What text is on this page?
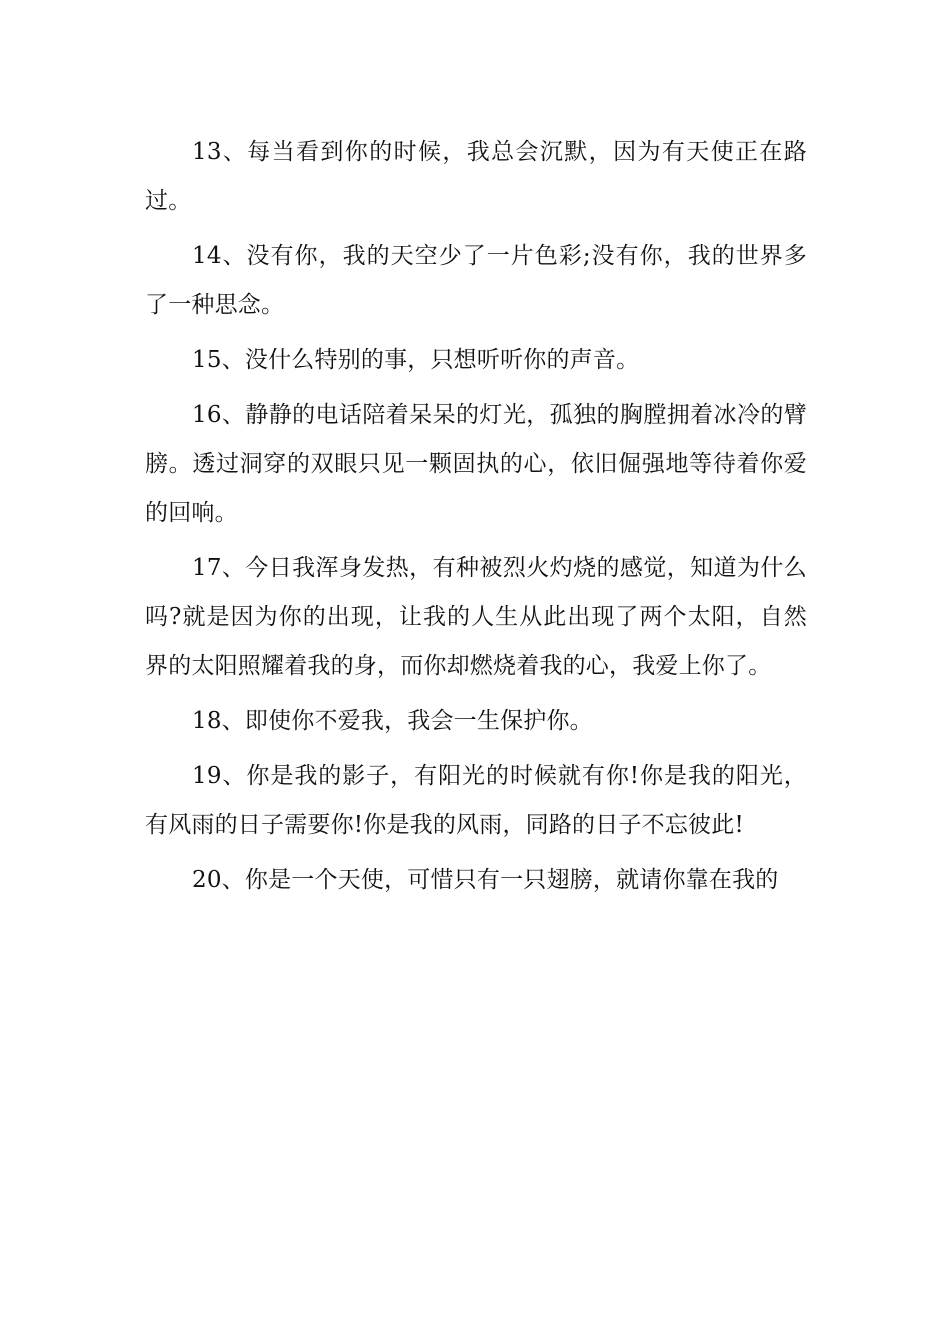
13、每当看到你的时候，我总会沉默，因为有天使正在路过。

14、没有你，我的天空少了一片色彩;没有你，我的世界多了一种思念。

15、没什么特别的事，只想听听你的声音。

16、静静的电话陪着呆呆的灯光，孤独的胸膛拥着冰冷的臂膀。透过洞穿的双眼只见一颗固执的心，依旧倔强地等待着你爱的回响。

17、今日我浑身发热，有种被烈火灼烧的感觉，知道为什么吗?就是因为你的出现，让我的人生从此出现了两个太阳，自然界的太阳照耀着我的身，而你却燃烧着我的心，我爱上你了。

18、即使你不爱我，我会一生保护你。

19、你是我的影子，有阳光的时候就有你!你是我的阳光，有风雨的日子需要你!你是我的风雨，同路的日子不忘彼此!

20、你是一个天使，可惜只有一只翅膀，就请你靠在我的
